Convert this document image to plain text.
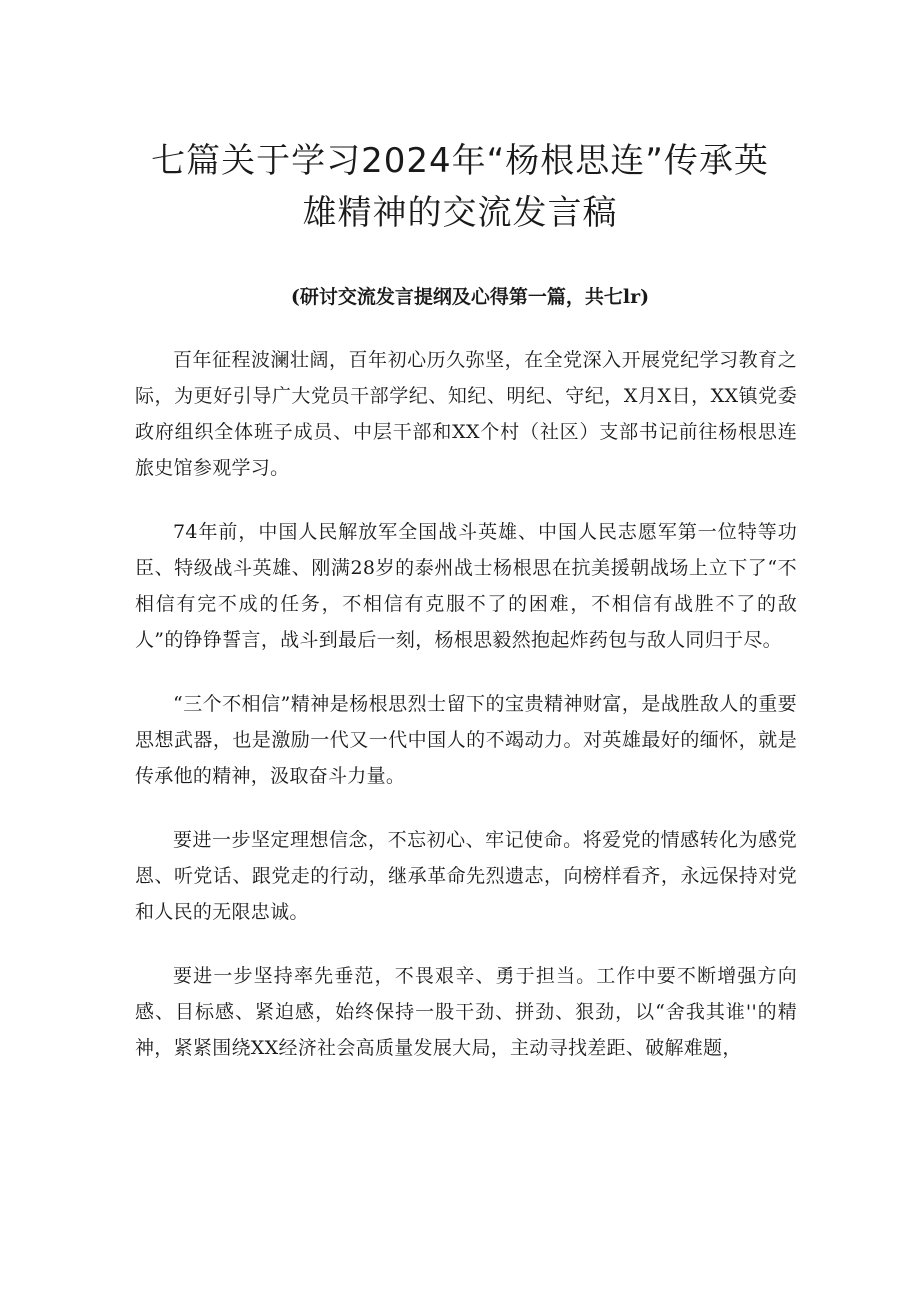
七篇关于学习2024年“杨根思连”传承英
雄精神的交流发言稿
(研讨交流发言提纲及心得第一篇，共七lr)

百年征程波澜壮阔，百年初心历久弥坚，在全党深入开展党纪学习教育之际，为更好引导广大党员干部学纪、知纪、明纪、守纪，X月X日，XX镇党委政府组织全体班子成员、中层干部和XX个村（社区）支部书记前往杨根思连旅史馆参观学习。

74年前，中国人民解放军全国战斗英雄、中国人民志愿军第一位特等功臣、特级战斗英雄、刚满28岁的泰州战士杨根思在抗美援朝战场上立下了“不相信有完不成的任务，不相信有克服不了的困难，不相信有战胜不了的敌人”的铮铮誓言，战斗到最后一刻，杨根思毅然抱起炸药包与敌人同归于尽。

“三个不相信”精神是杨根思烈士留下的宝贵精神财富，是战胜敌人的重要思想武器，也是激励一代又一代中国人的不竭动力。对英雄最好的缅怀，就是传承他的精神，汲取奋斗力量。

要进一步坚定理想信念，不忘初心、牢记使命。将爱党的情感转化为感党恩、听党话、跟党走的行动，继承革命先烈遗志，向榜样看齐，永远保持对党和人民的无限忠诚。

要进一步坚持率先垂范，不畏艰辛、勇于担当。工作中要不断增强方向感、目标感、紧迫感，始终保持一股干劲、拼劲、狠劲，以“舍我其谁''的精神，紧紧围绕XX经济社会高质量发展大局，主动寻找差距、破解难题，
